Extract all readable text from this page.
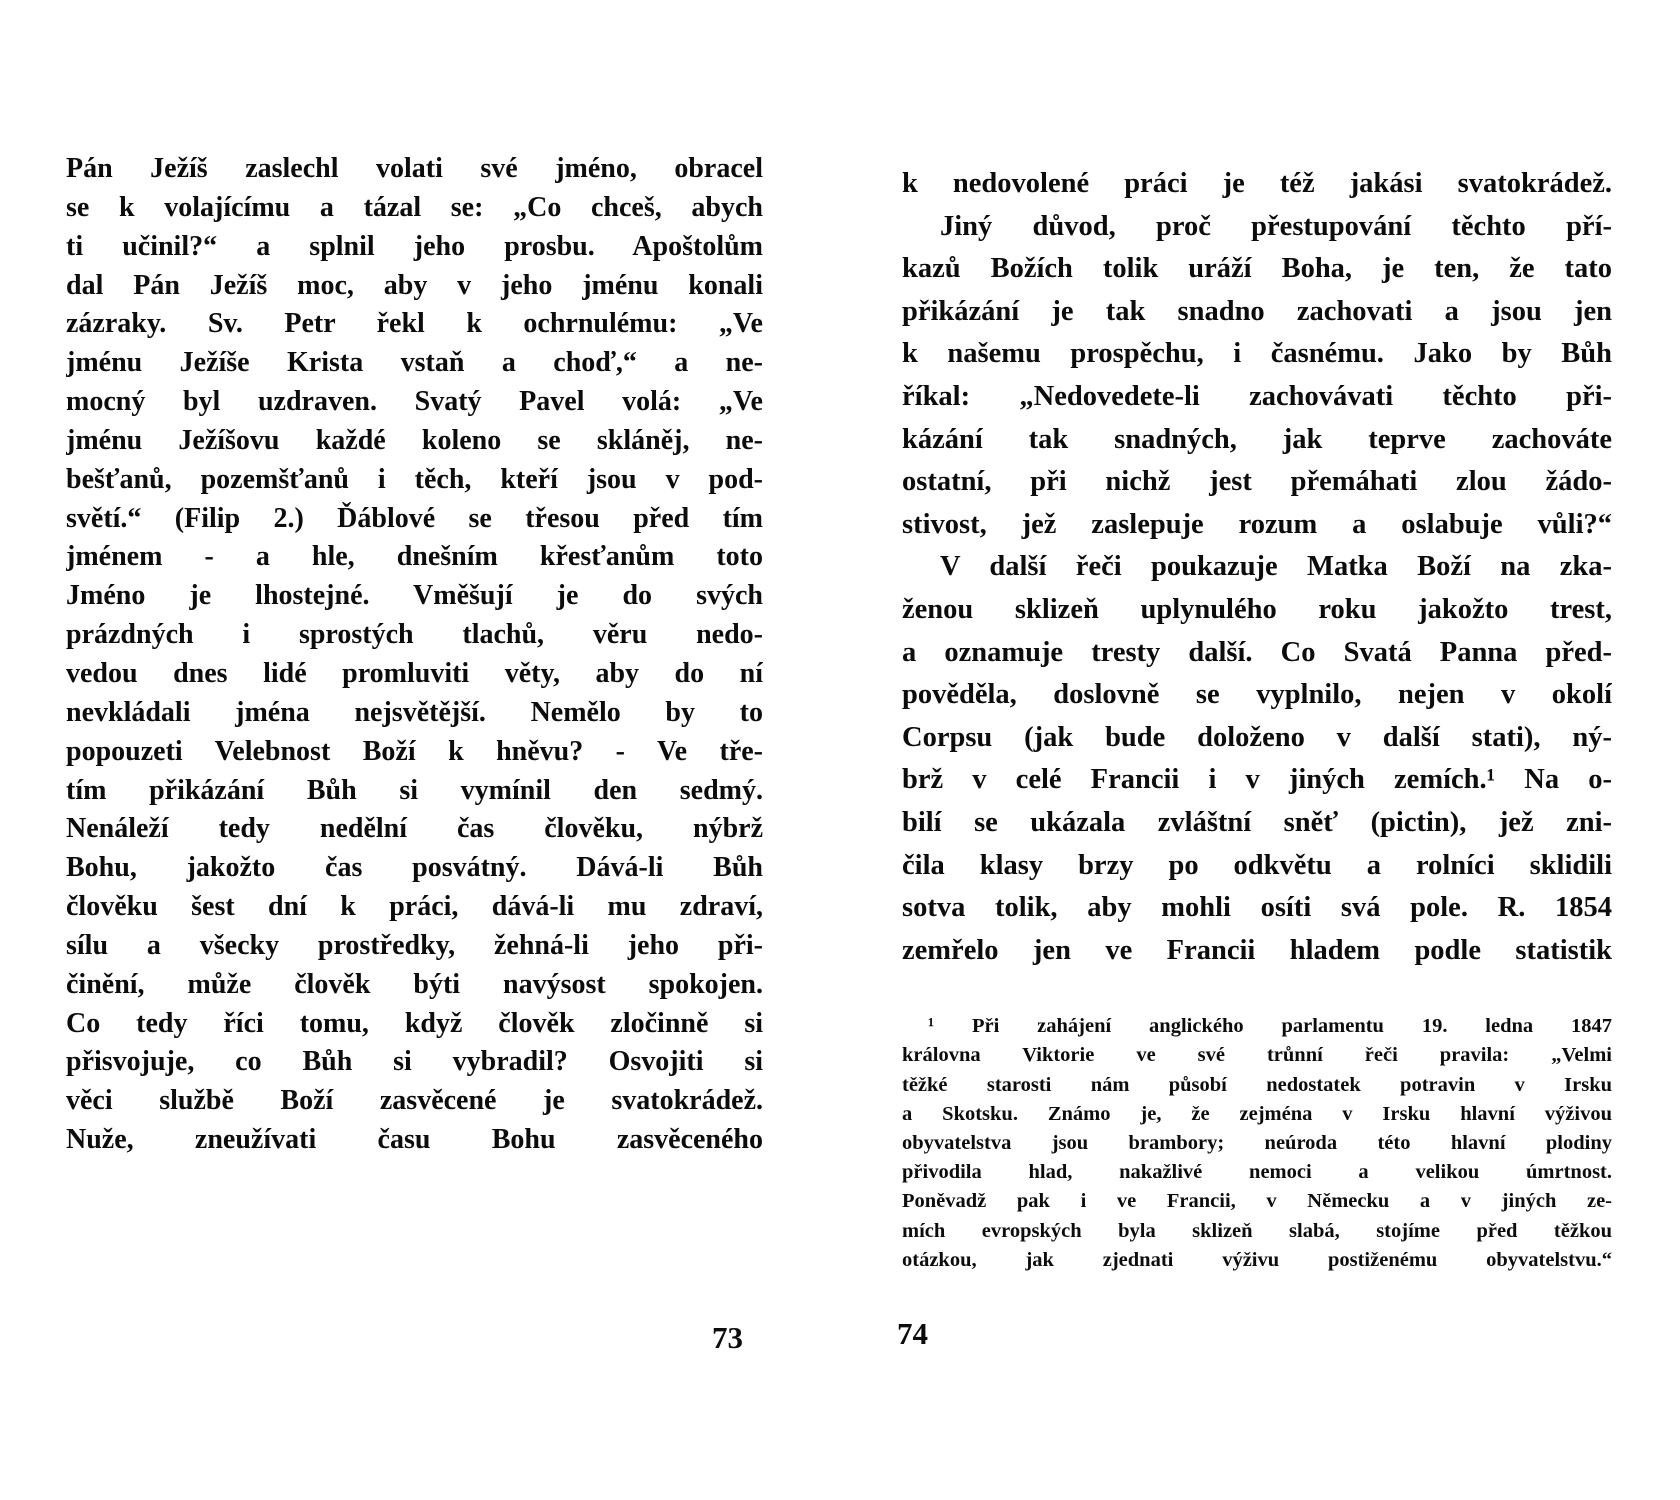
Pán Ježíš zaslechl volati své jméno, obracel
se k volajícímu a tázal se: „Co chceš, abych
ti učinil?“ a splnil jeho prosbu. Apoštolům
dal Pán Ježíš moc, aby v jeho jménu konali
zázraky. Sv. Petr řekl k ochrnulému: „Ve
jménu Ježíše Krista vstaň a choď,“ a ne-
mocný byl uzdraven. Svatý Pavel volá: „Ve
jménu Ježíšovu každé koleno se skláněj, ne-
bešťanů, pozemšťanů i těch, kteří jsou v pod-
světí.“ (Filip 2.) Ďáblové se třesou před tím
jménem - a hle, dnešním křesťanům toto
Jméno je lhostejné. Vměšují je do svých
prázdných i sprostých tlachů, věru nedo-
vedou dnes lidé promluviti věty, aby do ní
nevkládali jména nejsvětější. Nemělo by to
popouzeti Velebnost Boží k hněvu? - Ve tře-
tím přikázání Bůh si vymínil den sedmý.
Nenáleží tedy nedělní čas člověku, nýbrž
Bohu, jakožto čas posvátný. Dává-li Bůh
člověku šest dní k práci, dává-li mu zdraví,
sílu a všecky prostředky, žehná-li jeho při-
činění, může člověk býti navýsost spokojen.
Co tedy říci tomu, když člověk zločinně si
přisvojuje, co Bůh si vybradil? Osvojiti si
věci službě Boží zasvěcené je svatokrádež.
Nuže, zneužívati času Bohu zasvěceného
k nedovolené práci je též jakási svatokrádež.
Jiný důvod, proč přestupování těchto pří-
kazů Božích tolik uráží Boha, je ten, že tato
přikázání je tak snadno zachovati a jsou jen
k našemu prospěchu, i časnému. Jako by Bůh
říkal: „Nedovedete-li zachovávati těchto při-
kázání tak snadných, jak teprve zachováte
ostatní, při nichž jest přemáhati zlou žádo-
stivost, jež zaslepuje rozum a oslabuje vůli?“
V další řeči poukazuje Matka Boží na zka-
ženou sklizeň uplynulého roku jakožto trest,
a oznamuje tresty další. Co Svatá Panna před-
pověděla, doslovně se vyplnilo, nejen v okolí
Corpsu (jak bude doloženo v další stati), ný-
brž v celé Francii i v jiných zemích.¹ Na o-
bilí se ukázala zvláštní sněť (pictin), jež zni-
čila klasy brzy po odkvětu a rolníci sklidili
sotva tolik, aby mohli osíti svá pole. R. 1854
zemřelo jen ve Francii hladem podle statistik
¹ Při zahájení anglického parlamentu 19. ledna 1847
královna Viktorie ve své trůnní řeči pravila: „Velmi
těžké starosti nám působí nedostatek potravin v Irsku
a Skotsku. Známo je, že zejména v Irsku hlavní výživou
obyvatelstva jsou brambory; neúroda této hlavní plodiny
přivodila hlad, nakažlivé nemoci a velikou úmrtnost.
Poněvadž pak i ve Francii, v Německu a v jiných ze-
mích evropských byla sklizeň slabá, stojíme před těžkou
otázkou, jak zjednati výživu postiženému obyvatelstvu.“
73	74
